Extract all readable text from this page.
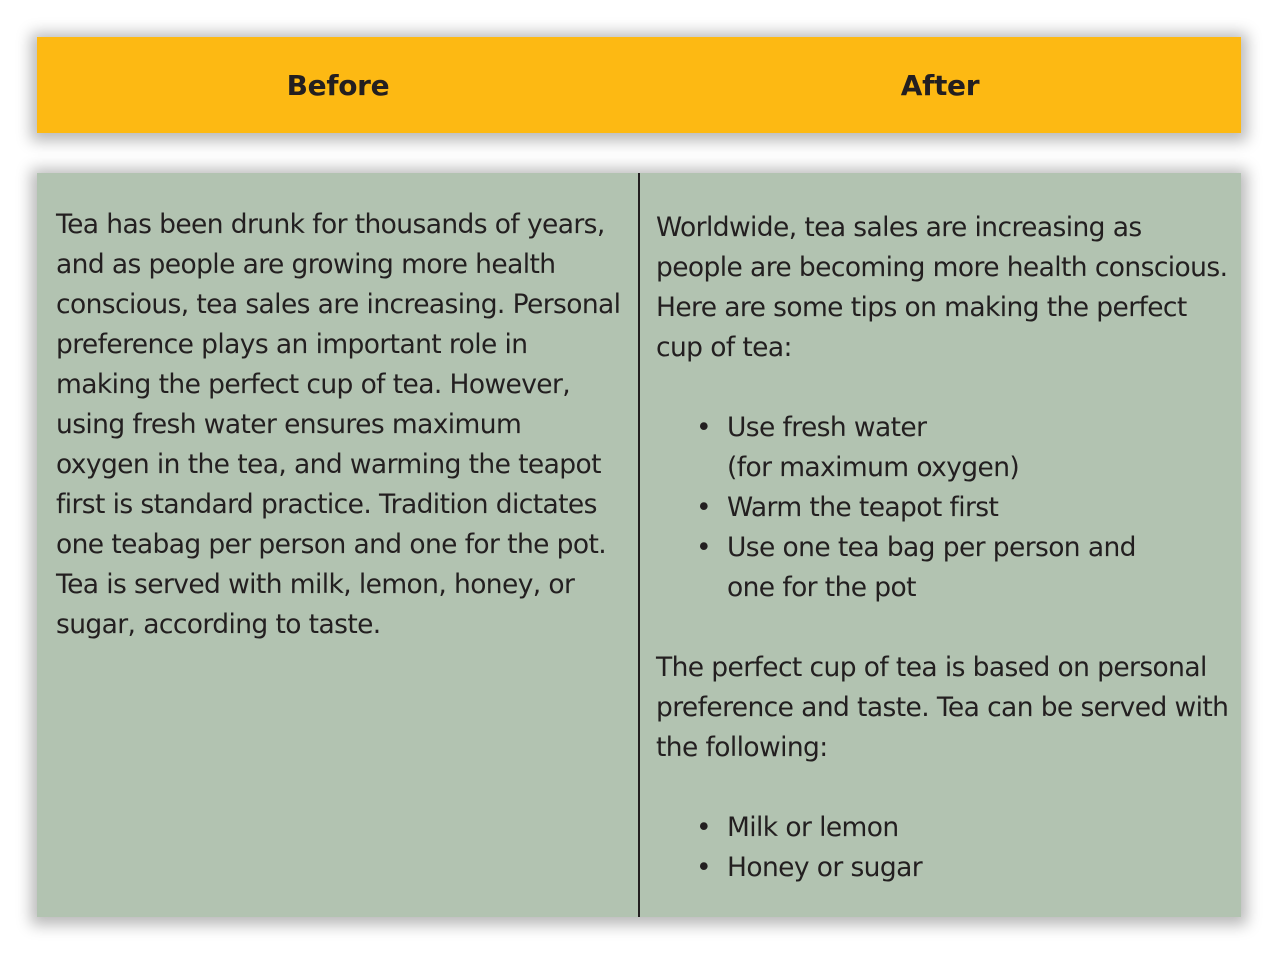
Before	After

Tea has been drunk for thousands of years, and as people are growing more health conscious, tea sales are increasing. Personal preference plays an important role in making the perfect cup of tea. However, using fresh water ensures maximum oxygen in the tea, and warming the teapot first is standard practice. Tradition dictates one teabag per person and one for the pot. Tea is served with milk, lemon, honey, or sugar, according to taste.

Worldwide, tea sales are increasing as people are becoming more health conscious. Here are some tips on making the perfect cup of tea:

• Use fresh water
(for maximum oxygen)
• Warm the teapot first
• Use one tea bag per person and
one for the pot

The perfect cup of tea is based on personal preference and taste. Tea can be served with the following:

• Milk or lemon
• Honey or sugar
